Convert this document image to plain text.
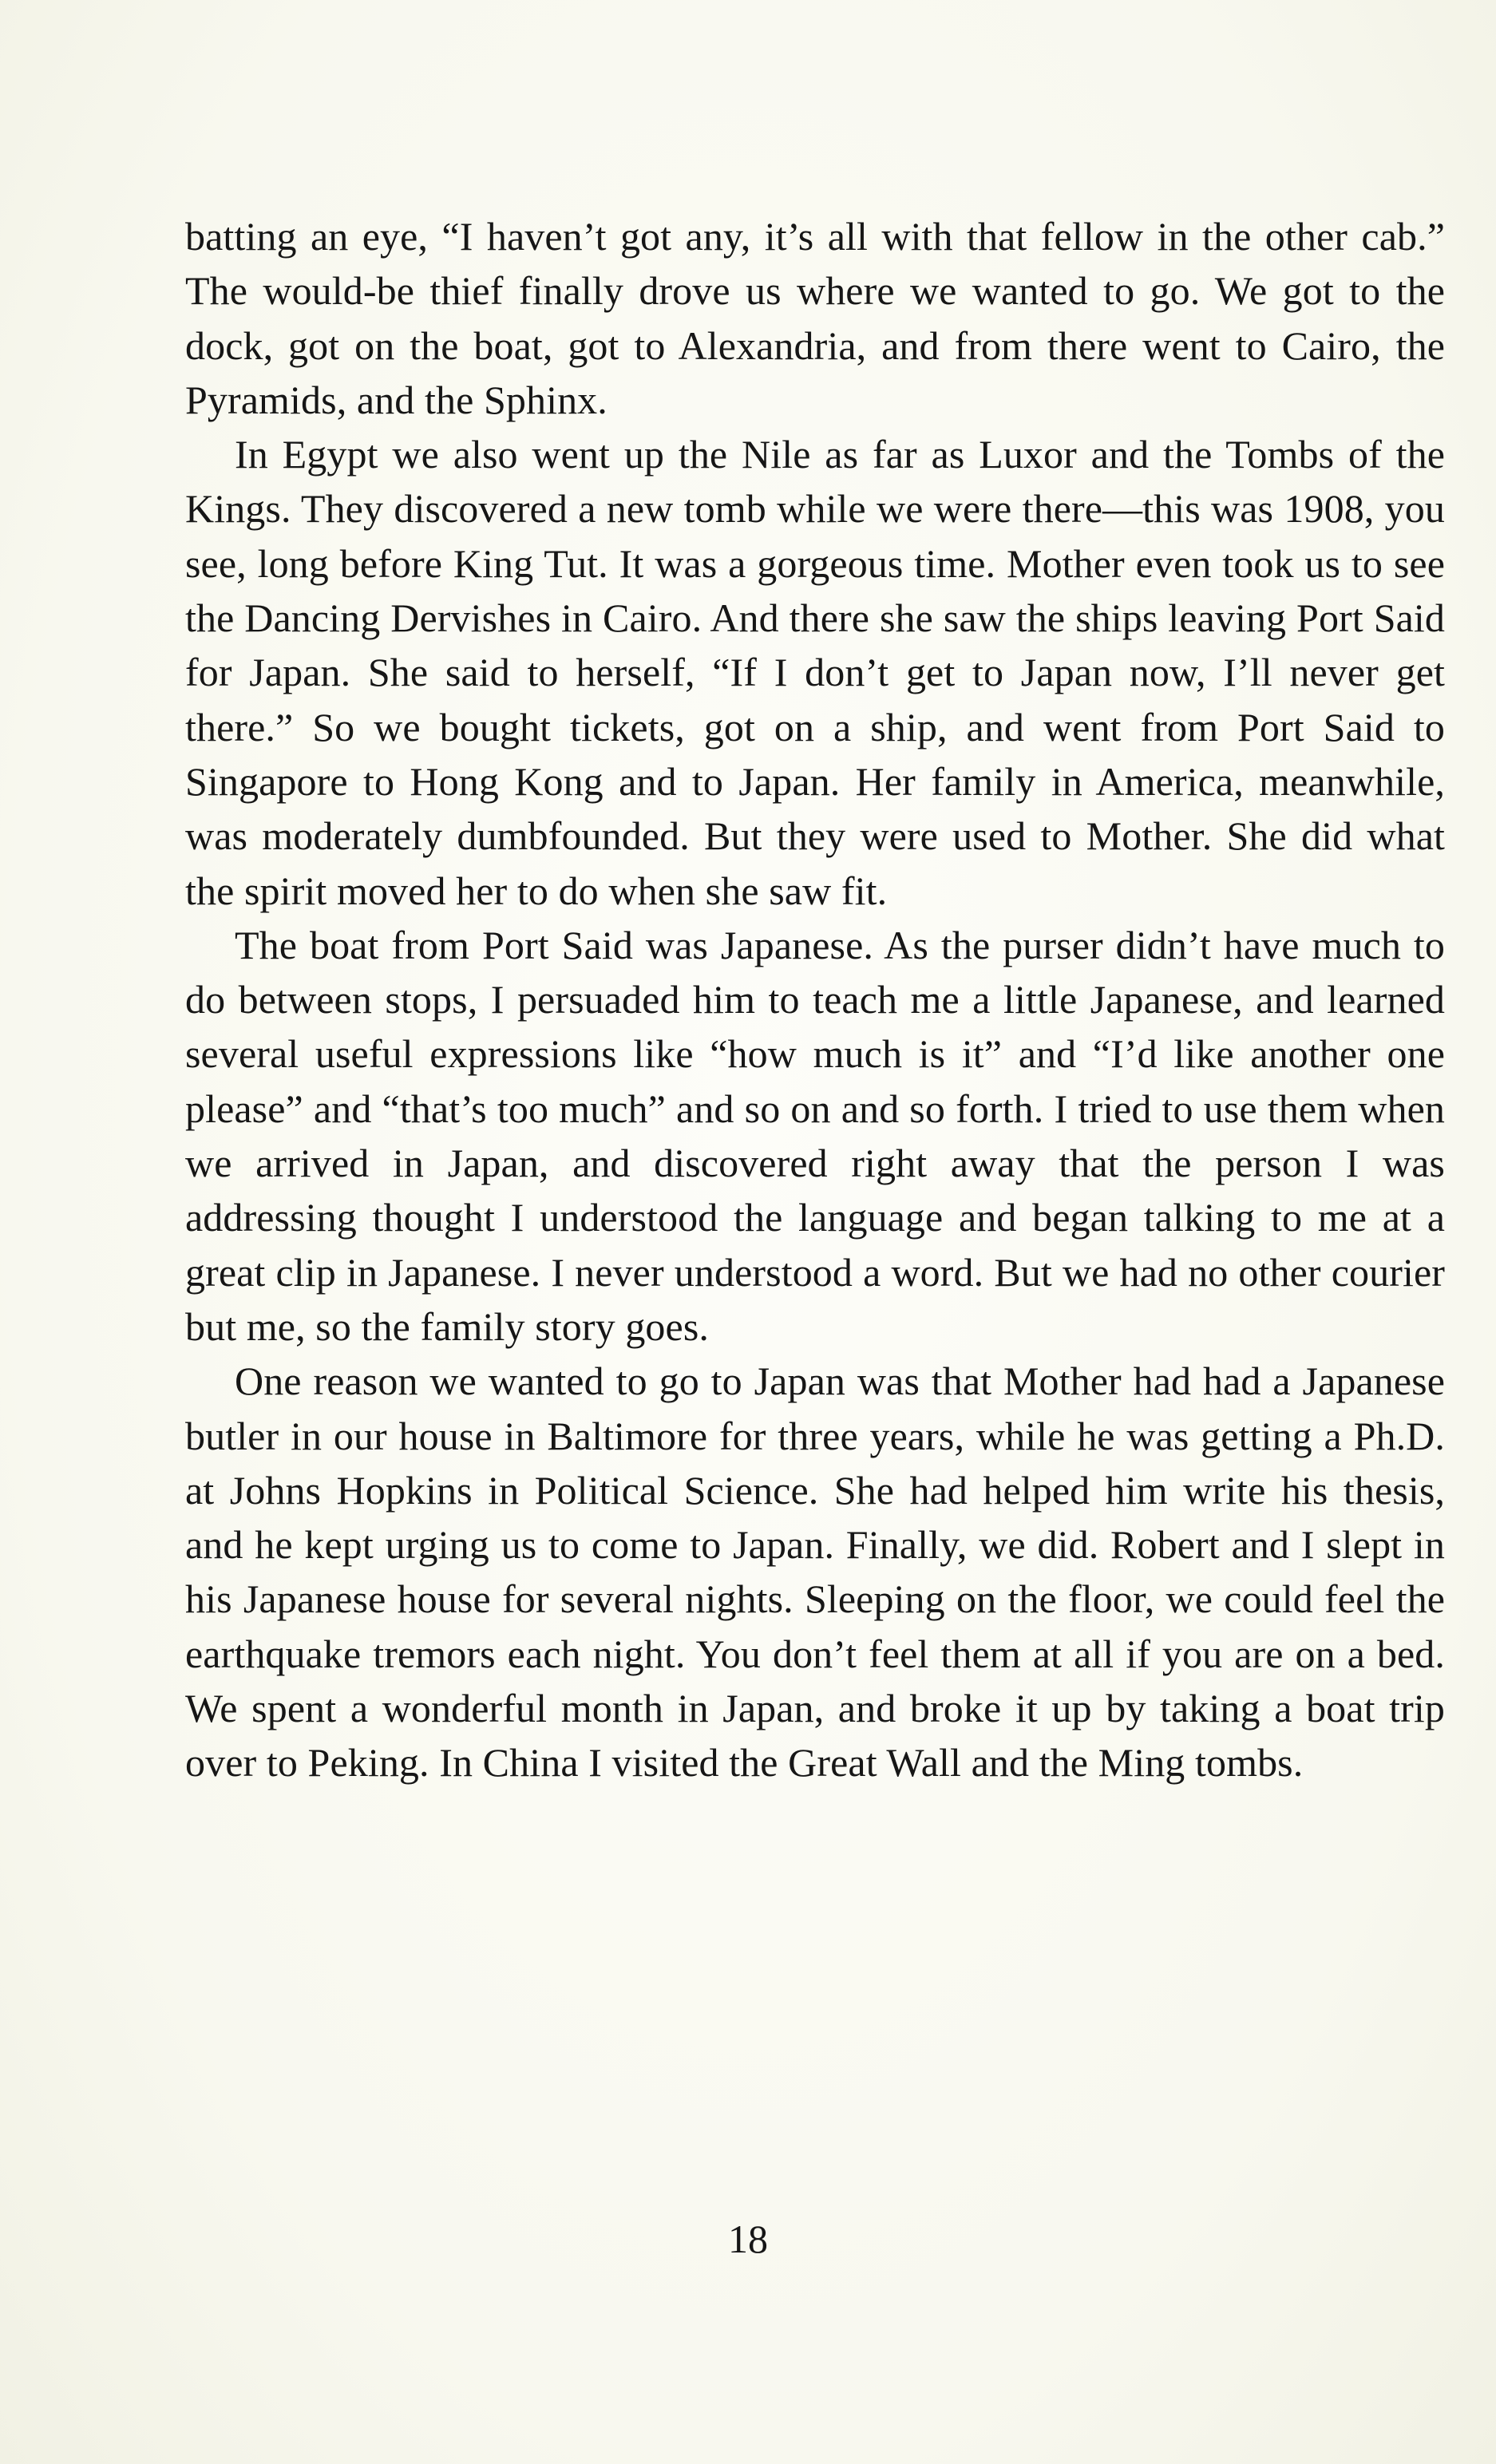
batting an eye, “I haven’t got any, it’s all with that fellow in the other cab.” The would-be thief finally drove us where we wanted to go. We got to the dock, got on the boat, got to Alexandria, and from there went to Cairo, the Pyramids, and the Sphinx.

In Egypt we also went up the Nile as far as Luxor and the Tombs of the Kings. They discovered a new tomb while we were there—this was 1908, you see, long before King Tut. It was a gorgeous time. Mother even took us to see the Dancing Dervishes in Cairo. And there she saw the ships leaving Port Said for Japan. She said to herself, “If I don’t get to Japan now, I’ll never get there.” So we bought tickets, got on a ship, and went from Port Said to Singapore to Hong Kong and to Japan. Her family in America, meanwhile, was moderately dumbfounded. But they were used to Mother. She did what the spirit moved her to do when she saw fit.

The boat from Port Said was Japanese. As the purser didn’t have much to do between stops, I persuaded him to teach me a little Japanese, and learned several useful expressions like “how much is it” and “I’d like another one please” and “that’s too much” and so on and so forth. I tried to use them when we arrived in Japan, and discovered right away that the person I was addressing thought I understood the language and began talking to me at a great clip in Japanese. I never understood a word. But we had no other courier but me, so the family story goes.

One reason we wanted to go to Japan was that Mother had had a Japanese butler in our house in Baltimore for three years, while he was getting a Ph.D. at Johns Hopkins in Political Science. She had helped him write his thesis, and he kept urging us to come to Japan. Finally, we did. Robert and I slept in his Japanese house for several nights. Sleeping on the floor, we could feel the earthquake tremors each night. You don’t feel them at all if you are on a bed. We spent a wonderful month in Japan, and broke it up by taking a boat trip over to Peking. In China I visited the Great Wall and the Ming tombs.

18
